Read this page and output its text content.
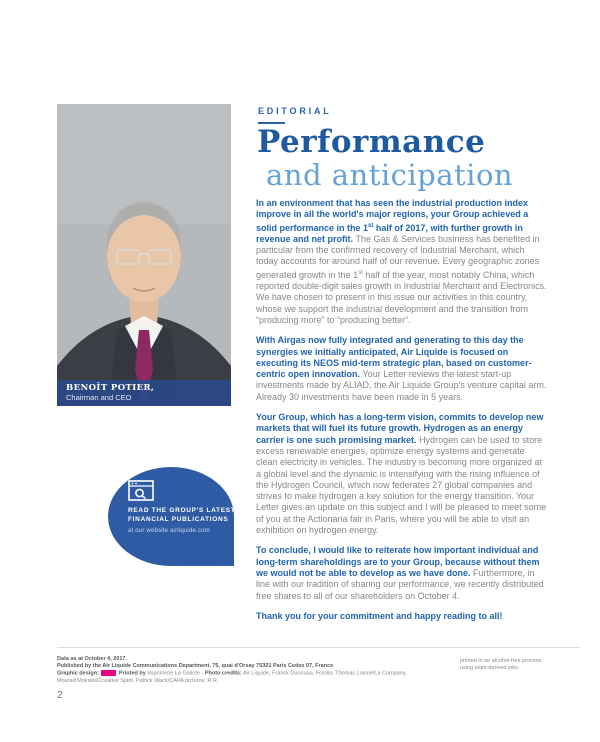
BENOÎT POTIER,
Chairman and CEO
READ THE GROUP'S LATEST
FINANCIAL PUBLICATIONS
at our website airliquide.com
EDITORIAL
Performance
and anticipation

In an environment that has seen the industrial production index improve in all the world's major regions, your Group achieved a solid performance in the 1st half of 2017, with further growth in revenue and net profit. The Gas & Services business has benefited in particular from the confirmed recovery of Industrial Merchant, which today accounts for around half of our revenue. Every geographic zones generated growth in the 1st half of the year, most notably China, which reported double-digit sales growth in Industrial Merchant and Electronics. We have chosen to present in this issue our activities in this country, whose we support the industrial development and the transition from “producing more” to “producing better”.

With Airgas now fully integrated and generating to this day the synergies we initially anticipated, Air Liquide is focused on executing its NEOS mid-term strategic plan, based on customer-centric open innovation. Your Letter reviews the latest start-up investments made by ALIAD, the Air Liquide Group's venture capital arm. Already 30 investments have been made in 5 years.

Your Group, which has a long-term vision, commits to develop new markets that will fuel its future growth. Hydrogen as an energy carrier is one such promising market. Hydrogen can be used to store excess renewable energies, optimize energy systems and generate clean electricity in vehicles. The industry is becoming more organized at a global level and the dynamic is intensifying with the rising influence of the Hydrogen Council, which now federates 27 global companies and strives to make hydrogen a key solution for the energy transition. Your Letter gives an update on this subject and I will be pleased to meet some of you at the Actionaria fair in Paris, where you will be able to visit an exhibition on hydrogen energy.

To conclude, I would like to reiterate how important individual and long-term shareholdings are to your Group, because without them we would not be able to develop as we have done. Furthermore, in line with our tradition of sharing our performance, we recently distributed free shares to all of our shareholders on October 4.

Thank you for your commitment and happy reading to all!

Data as at October 4, 2017.
Published by the Air Liquide Communications Department, 75, quai d'Orsay 75321 Paris Cedex 07, France
Graphic design:	Printed by Imprimerie La Galiote - Photo credits: Air Liquide, Franck Dunouau, Fotolia, Thomas Laisné/La Company,
Mourad Mokrani/Creative Spirit, Patrick Wack/CAPA pictures, R.R.
printed in an alcohol-free process using plant-derived inks.
2
